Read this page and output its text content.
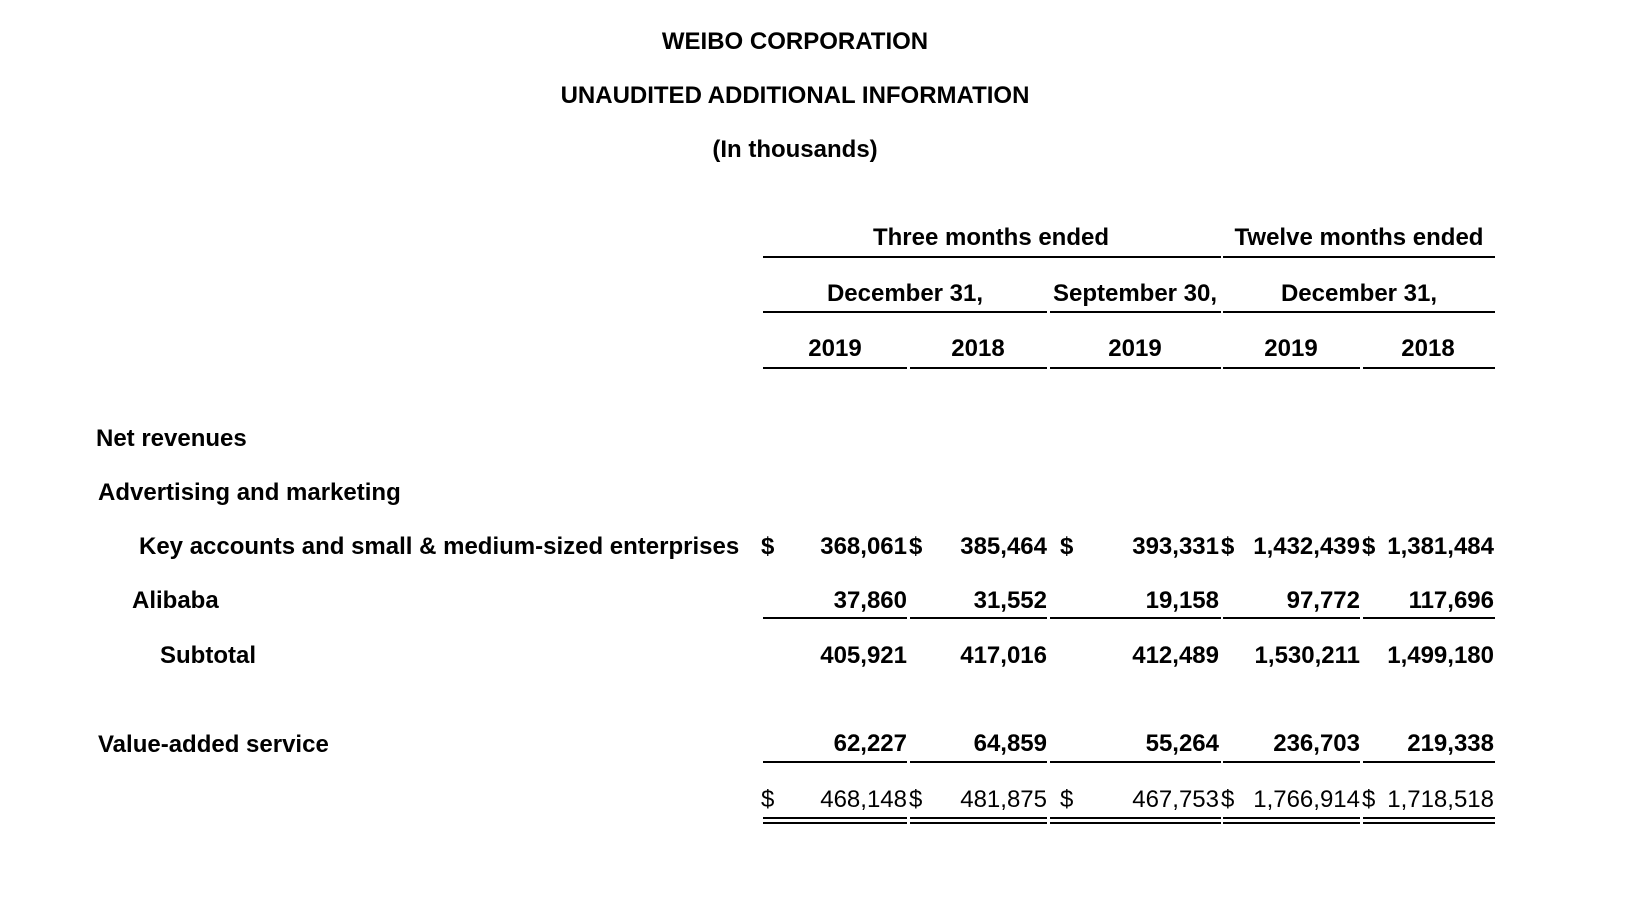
WEIBO CORPORATION
UNAUDITED ADDITIONAL INFORMATION
(In thousands)
Three months ended	Twelve months ended
December 31,	September 30,	December 31,
2019	2018	2019	2019	2018
Net revenues
Advertising and marketing
Key accounts and small & medium-sized enterprises $ 368,061 $ 385,464 $ 393,331 $ 1,432,439 $ 1,381,484
Alibaba	37,860	31,552	19,158	97,772 117,696
Subtotal	405,921 417,016	412,489 1,530,211 1,499,180
Value-added service	62,227	64,859	55,264 236,703 219,338
$ 468,148 $ 481,875 $ 467,753 $ 1,766,914 $ 1,718,518
